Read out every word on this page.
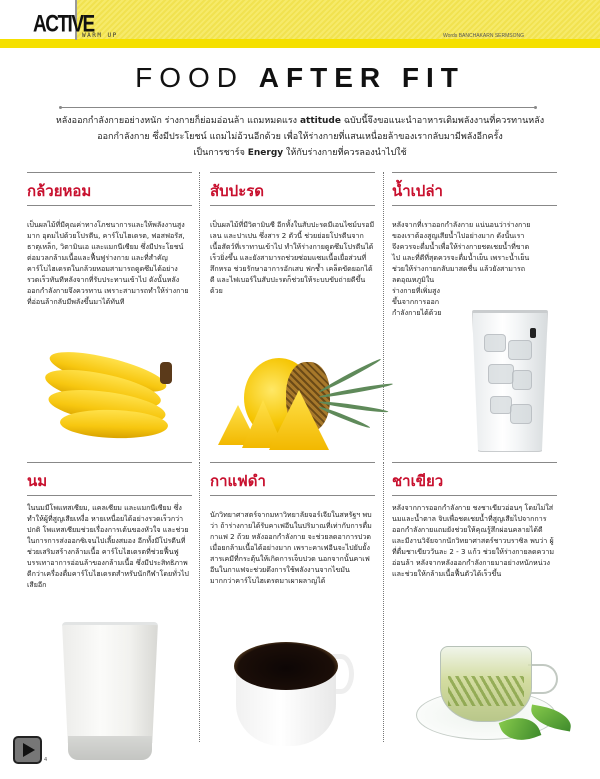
ACTIVE
WARM UP	Words BANCHAKARN SERMSONG
FOOD AFTER FIT
หลังออกกำลังกายอย่างหนัก ร่างกายก็ย่อมอ่อนล้า แถมหมดแรง attitude ฉบับนี้จึงขอแนะนำอาหารเติมพลังงานที่ควรทานหลัง
ออกกำลังกาย ซึ่งมีประโยชน์ แถมไม่อ้วนอีกด้วย เพื่อให้ร่างกายที่แสนเหนื่อยล้าของเรากลับมามีพลังอีกครั้ง
เป็นการชาร์จ Energy ให้กับร่างกายที่ควรลองนำไปใช้
กล้วยหอม
เป็นผลไม้ที่มีคุณค่าทางโภชนาการและให้พลังงานสูงมาก อุดมไปด้วยโปรตีน, คาร์โบไฮเดรต, ฟอสฟอรัส, ธาตุเหล็ก, วิตามินเอ และแมกนีเซียม ซึ่งมีประโยชน์ต่อมวลกล้ามเนื้อและฟื้นฟูร่างกาย และที่สำคัญคาร์โบไฮเดรตในกล้วยหอมสามารถดูดซึมได้อย่างรวดเร็วทันทีหลังจากที่รับประทานเข้าไป ดังนั้นหลังออกกำลังกายจึงควรทาน เพราะสามารถทำให้ร่างกายที่อ่อนล้ากลับมีพลังขึ้นมาได้ทันที
สับปะรด
เป็นผลไม้ที่มีวิตามินซี อีกทั้งในสับปะรดมีเอนไซม์บรอมีเลน และปาเปน ซึ่งสาร 2 ตัวนี้ ช่วยย่อยโปรตีนจากเนื้อสัตว์ที่เราทานเข้าไป ทำให้ร่างกายดูดซึมโปรตีนได้เร็วยิ่งขึ้น และยังสามารถช่วยซ่อมแซมเนื้อเยื่อส่วนที่สึกหรอ ช่วยรักษาอาการอักเสบ ฟกช้ำ เคล็ดขัดยอกได้ดี และไฟเบอร์ในสับปะรดก็ช่วยให้ระบบขับถ่ายดีขึ้นด้วย
น้ำเปล่า
หลังจากที่เราออกกำลังกาย แน่นอนว่าร่างกาย
ของเราต้องสูญเสียน้ำไปอย่างมาก ดังนั้นเรา
จึงควรจะดื่มน้ำเพื่อให้ร่างกายชดเชยน้ำที่ขาด
ไป และที่ดีที่สุดควรจะดื่มน้ำเย็น เพราะน้ำเย็น
ช่วยให้ร่างกายกลับมาสดชื่น แล้วยังสามารถ
ลดอุณหภูมิใน
ร่างกายที่เพิ่มสูง
ขึ้นจากการออก
กำลังกายได้ด้วย
นม
ในนมมีโพแทสเซียม, แคลเซียม และแมกนีเซียม ซึ่งทำให้ผู้ที่สูญเสียเหงื่อ หายเหนื่อยได้อย่างรวดเร็วกว่าปกติ โพแทสเซียมช่วยเรื่องการเต้นของหัวใจ และช่วยในการการส่งออกซิเจนไปเลี้ยงสมอง อีกทั้งมีโปรตีนที่ช่วยเสริมสร้างกล้ามเนื้อ คาร์โบไฮเดรตที่ช่วยฟื้นฟู บรรเทาอาการอ่อนล้าของกล้ามเนื้อ ซึ่งมีประสิทธิภาพดีกว่าเครื่องดื่มคาร์โบไฮเดรตสำหรับนักกีฬาโดยทั่วไปเสียอีก
กาแฟดำ
นักวิทยาศาสตร์จากมหาวิทยาลัยจอร์เจียในสหรัฐฯ พบว่า ถ้าร่างกายได้รับคาเฟอีนในปริมาณที่เท่ากับการดื่มกาแฟ 2 ถ้วย หลังออกกำลังกาย จะช่วยลดอาการปวดเมื่อยกล้ามเนื้อได้อย่างมาก เพราะคาเฟอีนจะไปยับยั้งสารเคมีที่กระตุ้นให้เกิดการเจ็บปวด นอกจากนั้นคาเฟอีนในกาแฟจะช่วยดึงการใช้พลังงานจากไขมันมากกว่าคาร์โบไฮเดรตมาเผาผลาญได้
ชาเขียว
หลังจากการออกกำลังกาย ชงชาเขียวอ่อนๆ โดยไม่ใส่นมและน้ำตาล จิบเพื่อชดเชยน้ำที่สูญเสียไปจากการออกกำลังกายแถมยังช่วยให้คุณรู้สึกผ่อนคลายได้ดี และมีงานวิจัยจากนักวิทยาศาสตร์ชาวบราซิล พบว่า ผู้ที่ดื่มชาเขียววันละ 2 - 3 แก้ว ช่วยให้ร่างกายลดความอ่อนล้า หลังจากหลังออกกำลังกายมาอย่างหนักหน่วง และช่วยให้กล้ามเนื้อฟื้นตัวได้เร็วขึ้น
4
